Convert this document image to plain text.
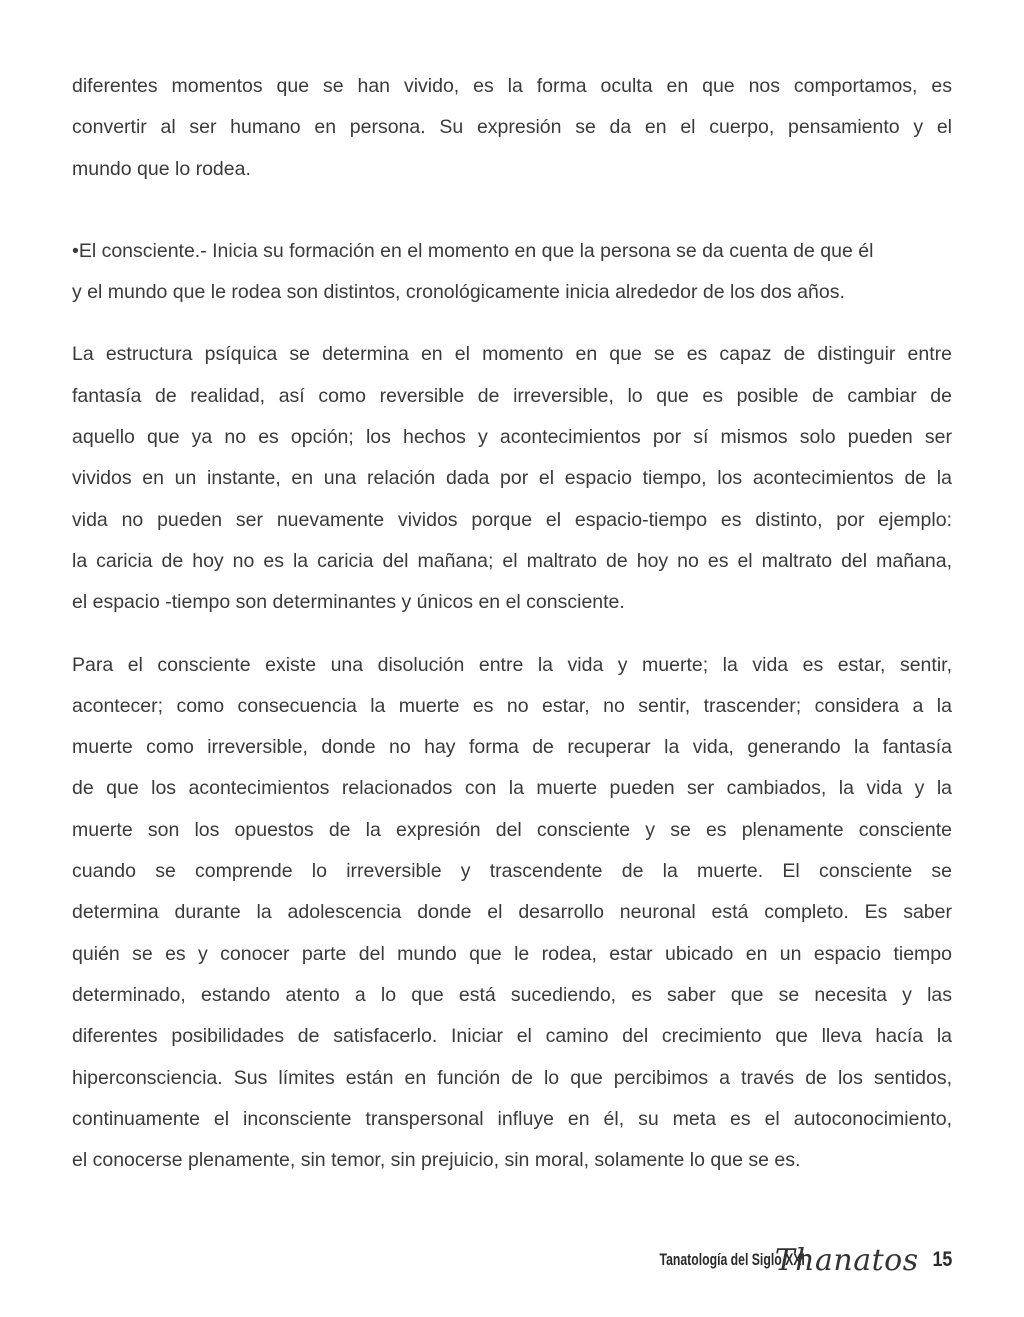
diferentes momentos que se han vivido, es la forma oculta en que nos comportamos, es
convertir al ser humano en persona. Su expresión se da en el cuerpo, pensamiento y el
mundo que lo rodea.
•El consciente.- Inicia su formación en el momento en que la persona se da cuenta de que él
y el mundo que le rodea son distintos, cronológicamente inicia alrededor de los dos años.
La estructura psíquica se determina en el momento en que se es capaz de distinguir entre
fantasía de realidad, así como reversible de irreversible, lo que es posible de cambiar de
aquello que ya no es opción; los hechos y acontecimientos por sí mismos solo pueden ser
vividos en un instante, en una relación dada por el espacio tiempo, los acontecimientos de la
vida no pueden ser nuevamente vividos porque el espacio-tiempo es distinto, por ejemplo:
la caricia de hoy no es la caricia del mañana; el maltrato de hoy no es el maltrato del mañana,
el espacio -tiempo son determinantes y únicos en el consciente.
Para el consciente existe una disolución entre la vida y muerte; la vida es estar, sentir,
acontecer; como consecuencia la muerte es no estar, no sentir, trascender; considera a la
muerte como irreversible, donde no hay forma de recuperar la vida, generando la fantasía
de que los acontecimientos relacionados con la muerte pueden ser cambiados, la vida y la
muerte son los opuestos de la expresión del consciente y se es plenamente consciente
cuando se comprende lo irreversible y trascendente de la muerte. El consciente se
determina durante la adolescencia donde el desarrollo neuronal está completo. Es saber
quién se es y conocer parte del mundo que le rodea, estar ubicado en un espacio tiempo
determinado, estando atento a lo que está sucediendo, es saber que se necesita y las
diferentes posibilidades de satisfacerlo. Iniciar el camino del crecimiento que lleva hacía la
hiperconsciencia. Sus límites están en función de lo que percibimos a través de los sentidos,
continuamente el inconsciente transpersonal influye en él, su meta es el autoconocimiento,
el conocerse plenamente, sin temor, sin prejuicio, sin moral, solamente lo que se es.
Tanatología del Siglo XXI
Thanatos 15
